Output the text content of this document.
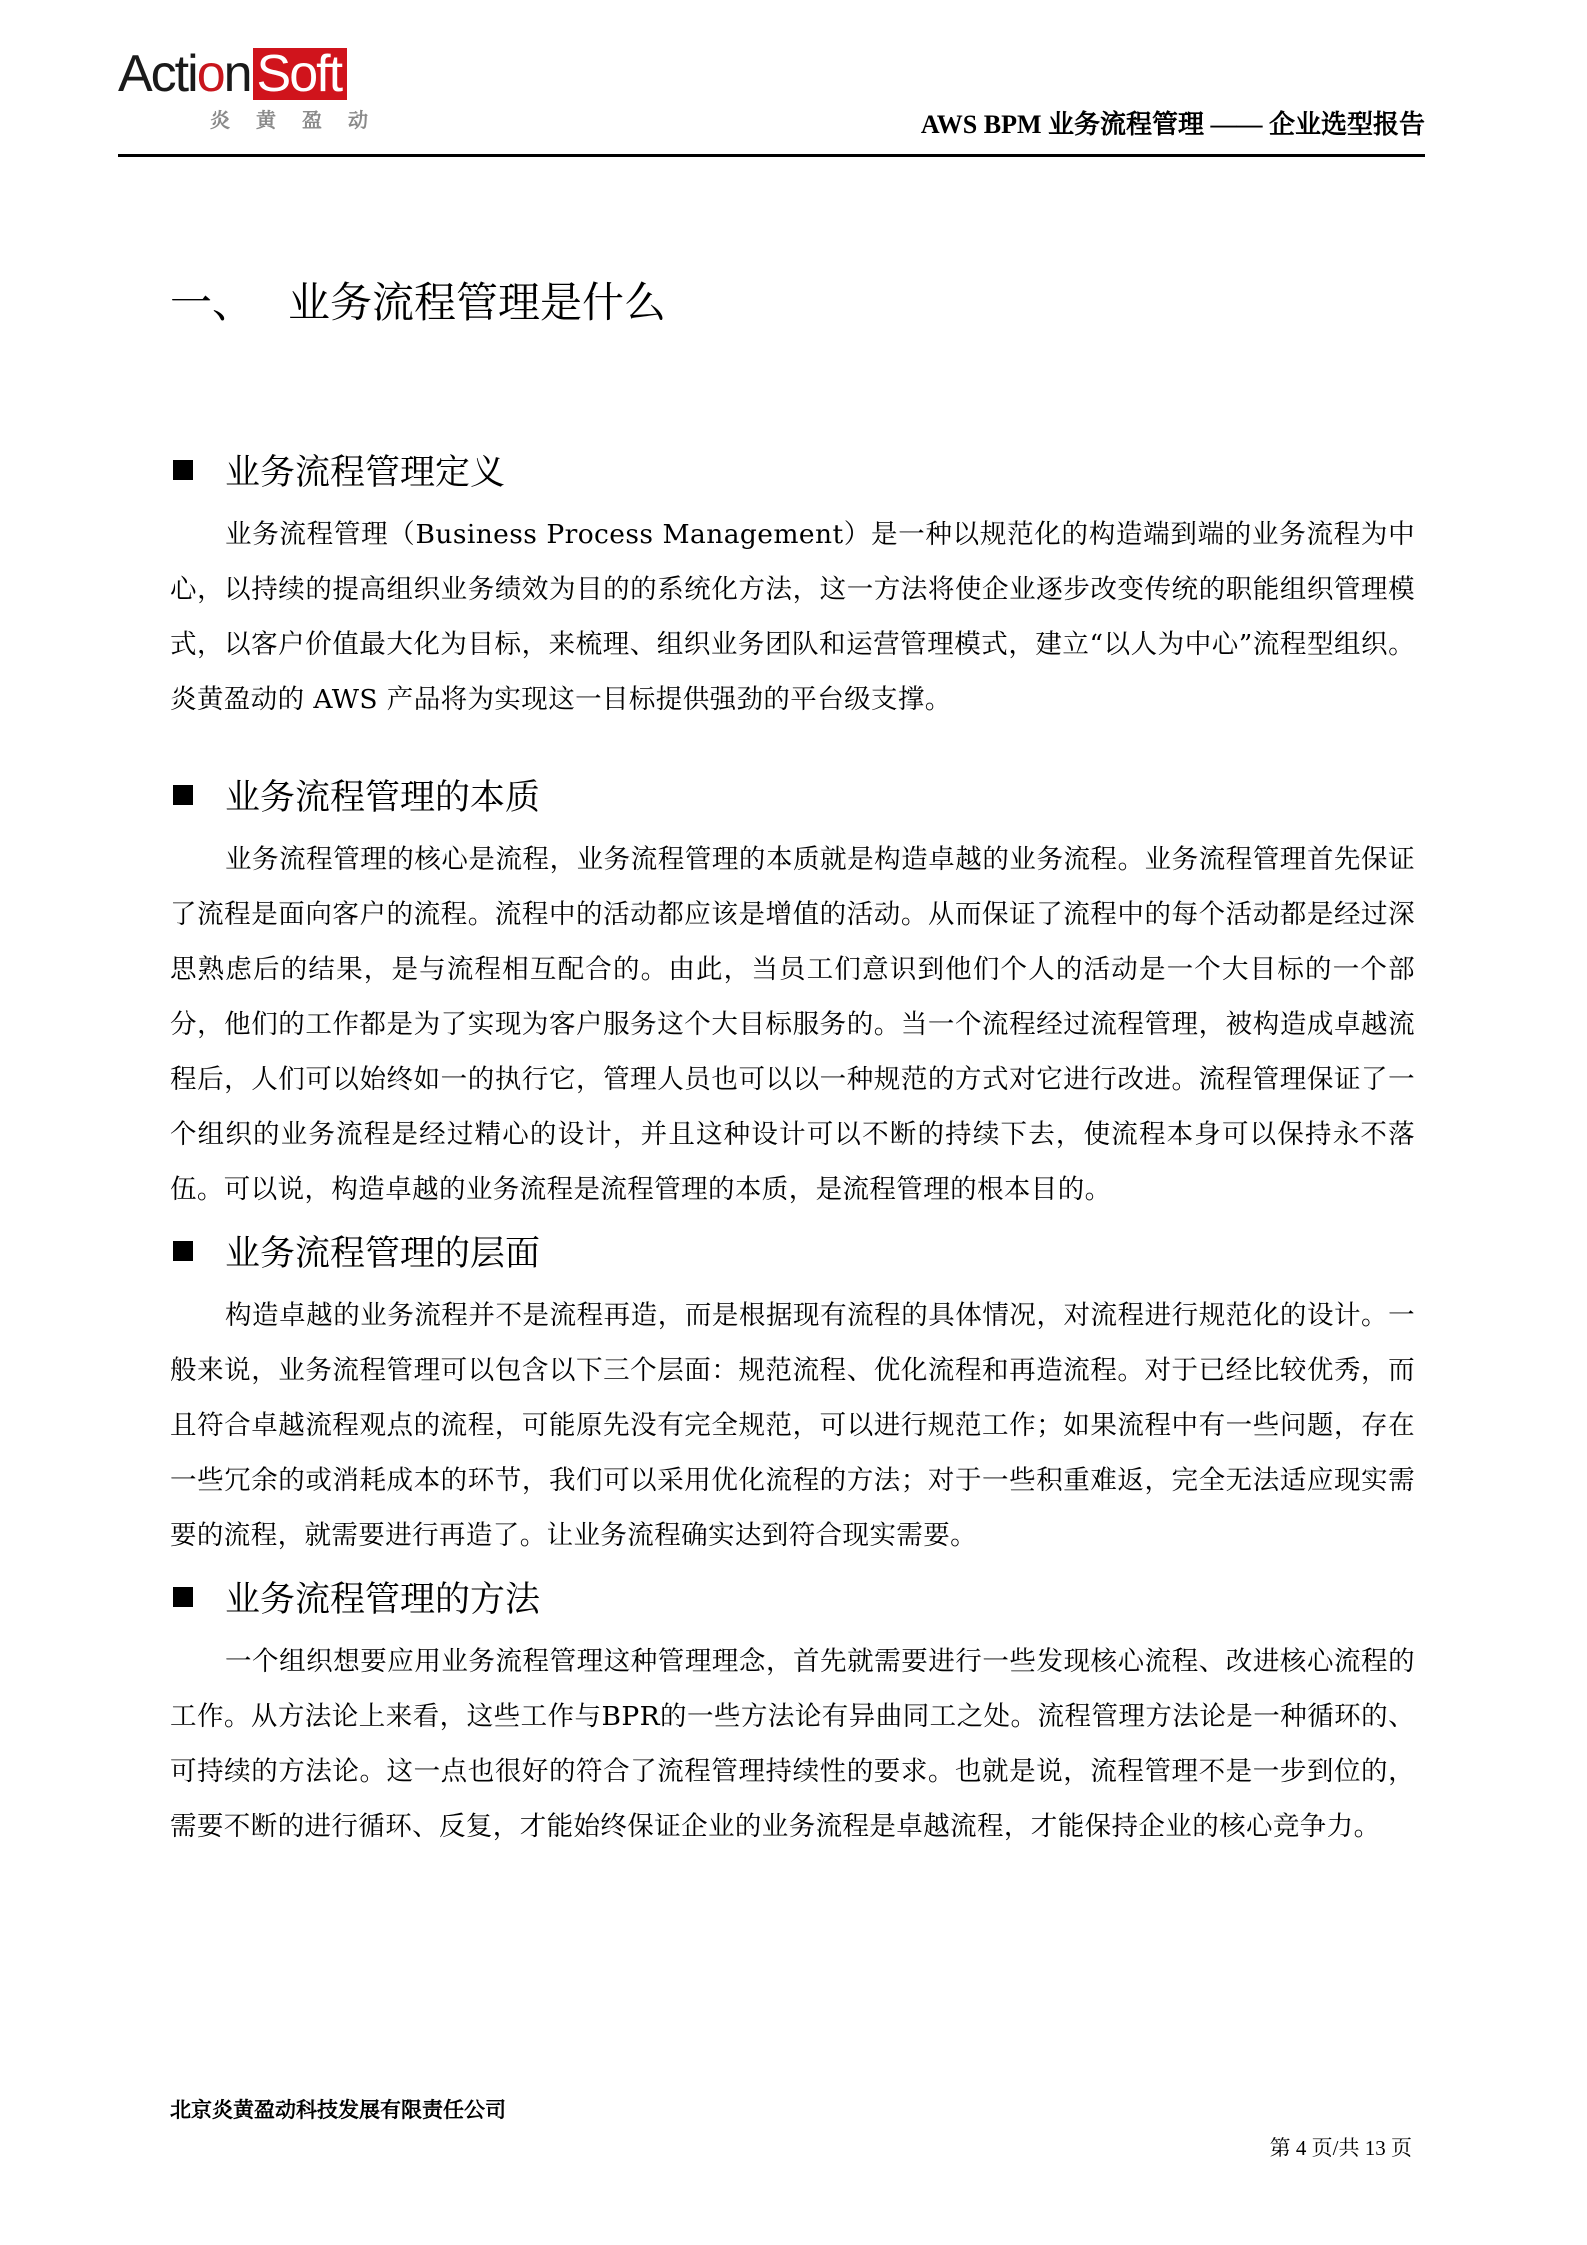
Action Soft
炎黄盈动	AWS BPM 业务流程管理 —— 企业选型报告
一、 业务流程管理是什么
业务流程管理定义
业务流程管理（Business Process Management）是一种以规范化的构造端到端的业务流程为中心，以持续的提高组织业务绩效为目的的系统化方法，这一方法将使企业逐步改变传统的职能组织管理模式，以客户价值最大化为目标，来梳理、组织业务团队和运营管理模式，建立“以人为中心”流程型组织。炎黄盈动的 AWS 产品将为实现这一目标提供强劲的平台级支撑。
业务流程管理的本质
业务流程管理的核心是流程，业务流程管理的本质就是构造卓越的业务流程。业务流程管理首先保证了流程是面向客户的流程。流程中的活动都应该是增值的活动。从而保证了流程中的每个活动都是经过深思熟虑后的结果，是与流程相互配合的。由此，当员工们意识到他们个人的活动是一个大目标的一个部分，他们的工作都是为了实现为客户服务这个大目标服务的。当一个流程经过流程管理，被构造成卓越流程后，人们可以始终如一的执行它，管理人员也可以以一种规范的方式对它进行改进。流程管理保证了一个组织的业务流程是经过精心的设计，并且这种设计可以不断的持续下去，使流程本身可以保持永不落伍。可以说，构造卓越的业务流程是流程管理的本质，是流程管理的根本目的。
业务流程管理的层面
构造卓越的业务流程并不是流程再造，而是根据现有流程的具体情况，对流程进行规范化的设计。一般来说，业务流程管理可以包含以下三个层面：规范流程、优化流程和再造流程。对于已经比较优秀，而且符合卓越流程观点的流程，可能原先没有完全规范，可以进行规范工作；如果流程中有一些问题，存在一些冗余的或消耗成本的环节，我们可以采用优化流程的方法；对于一些积重难返，完全无法适应现实需要的流程，就需要进行再造了。让业务流程确实达到符合现实需要。
业务流程管理的方法
一个组织想要应用业务流程管理这种管理理念，首先就需要进行一些发现核心流程、改进核心流程的工作。从方法论上来看，这些工作与BPR的一些方法论有异曲同工之处。流程管理方法论是一种循环的、可持续的方法论。这一点也很好的符合了流程管理持续性的要求。也就是说，流程管理不是一步到位的，需要不断的进行循环、反复，才能始终保证企业的业务流程是卓越流程，才能保持企业的核心竞争力。
北京炎黄盈动科技发展有限责任公司
第 4 页/共 13 页
